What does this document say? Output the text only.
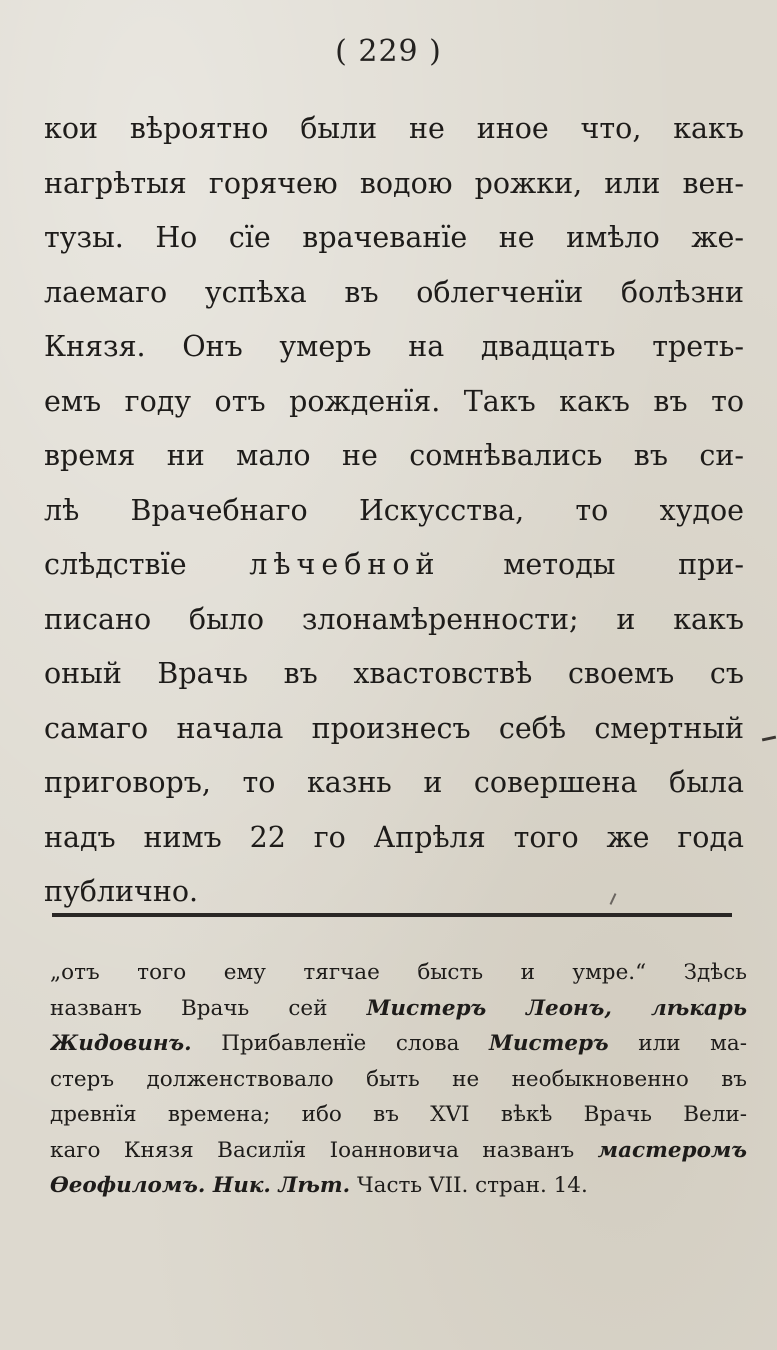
( 229 )
кои вѣроятно были не иное что, какъ
нагрѣтыя горячею водою рожки, или вен-
тузы. Но сїе врачеванїе не имѣло же-
лаемаго успѣха въ облегченїи болѣзни
Князя. Онъ умеръ на двадцать треть-
емъ году отъ рожденїя. Такъ какъ въ то
время ни мало не сомнѣвались въ си-
лѣ Врачебнаго Искусства, то худое
слѣдствїе лѣчебной методы при-
писано было злонамѣренности; и какъ
оный Врачь въ хвастовствѣ своемъ съ
самаго начала произнесъ себѣ смертный
приговоръ, то казнь и совершена была
надъ нимъ 22 го Апрѣля того же года
публично.
„отъ того ему тягчае бысть и умре.“ Здѣсь
названъ Врачь сей Мистеръ Леонъ, лѣкарь
Жидовинъ. Прибавленїе слова Мистеръ или ма-
стеръ долженствовало быть не необыкновенно въ
древнїя времена; ибо въ XVI вѣкѣ Врачь Вели-
каго Князя Василїя Іоанновича названъ мастеромъ
Ѳеофиломъ. Ник. Лѣт. Часть VII. стран. 14.
